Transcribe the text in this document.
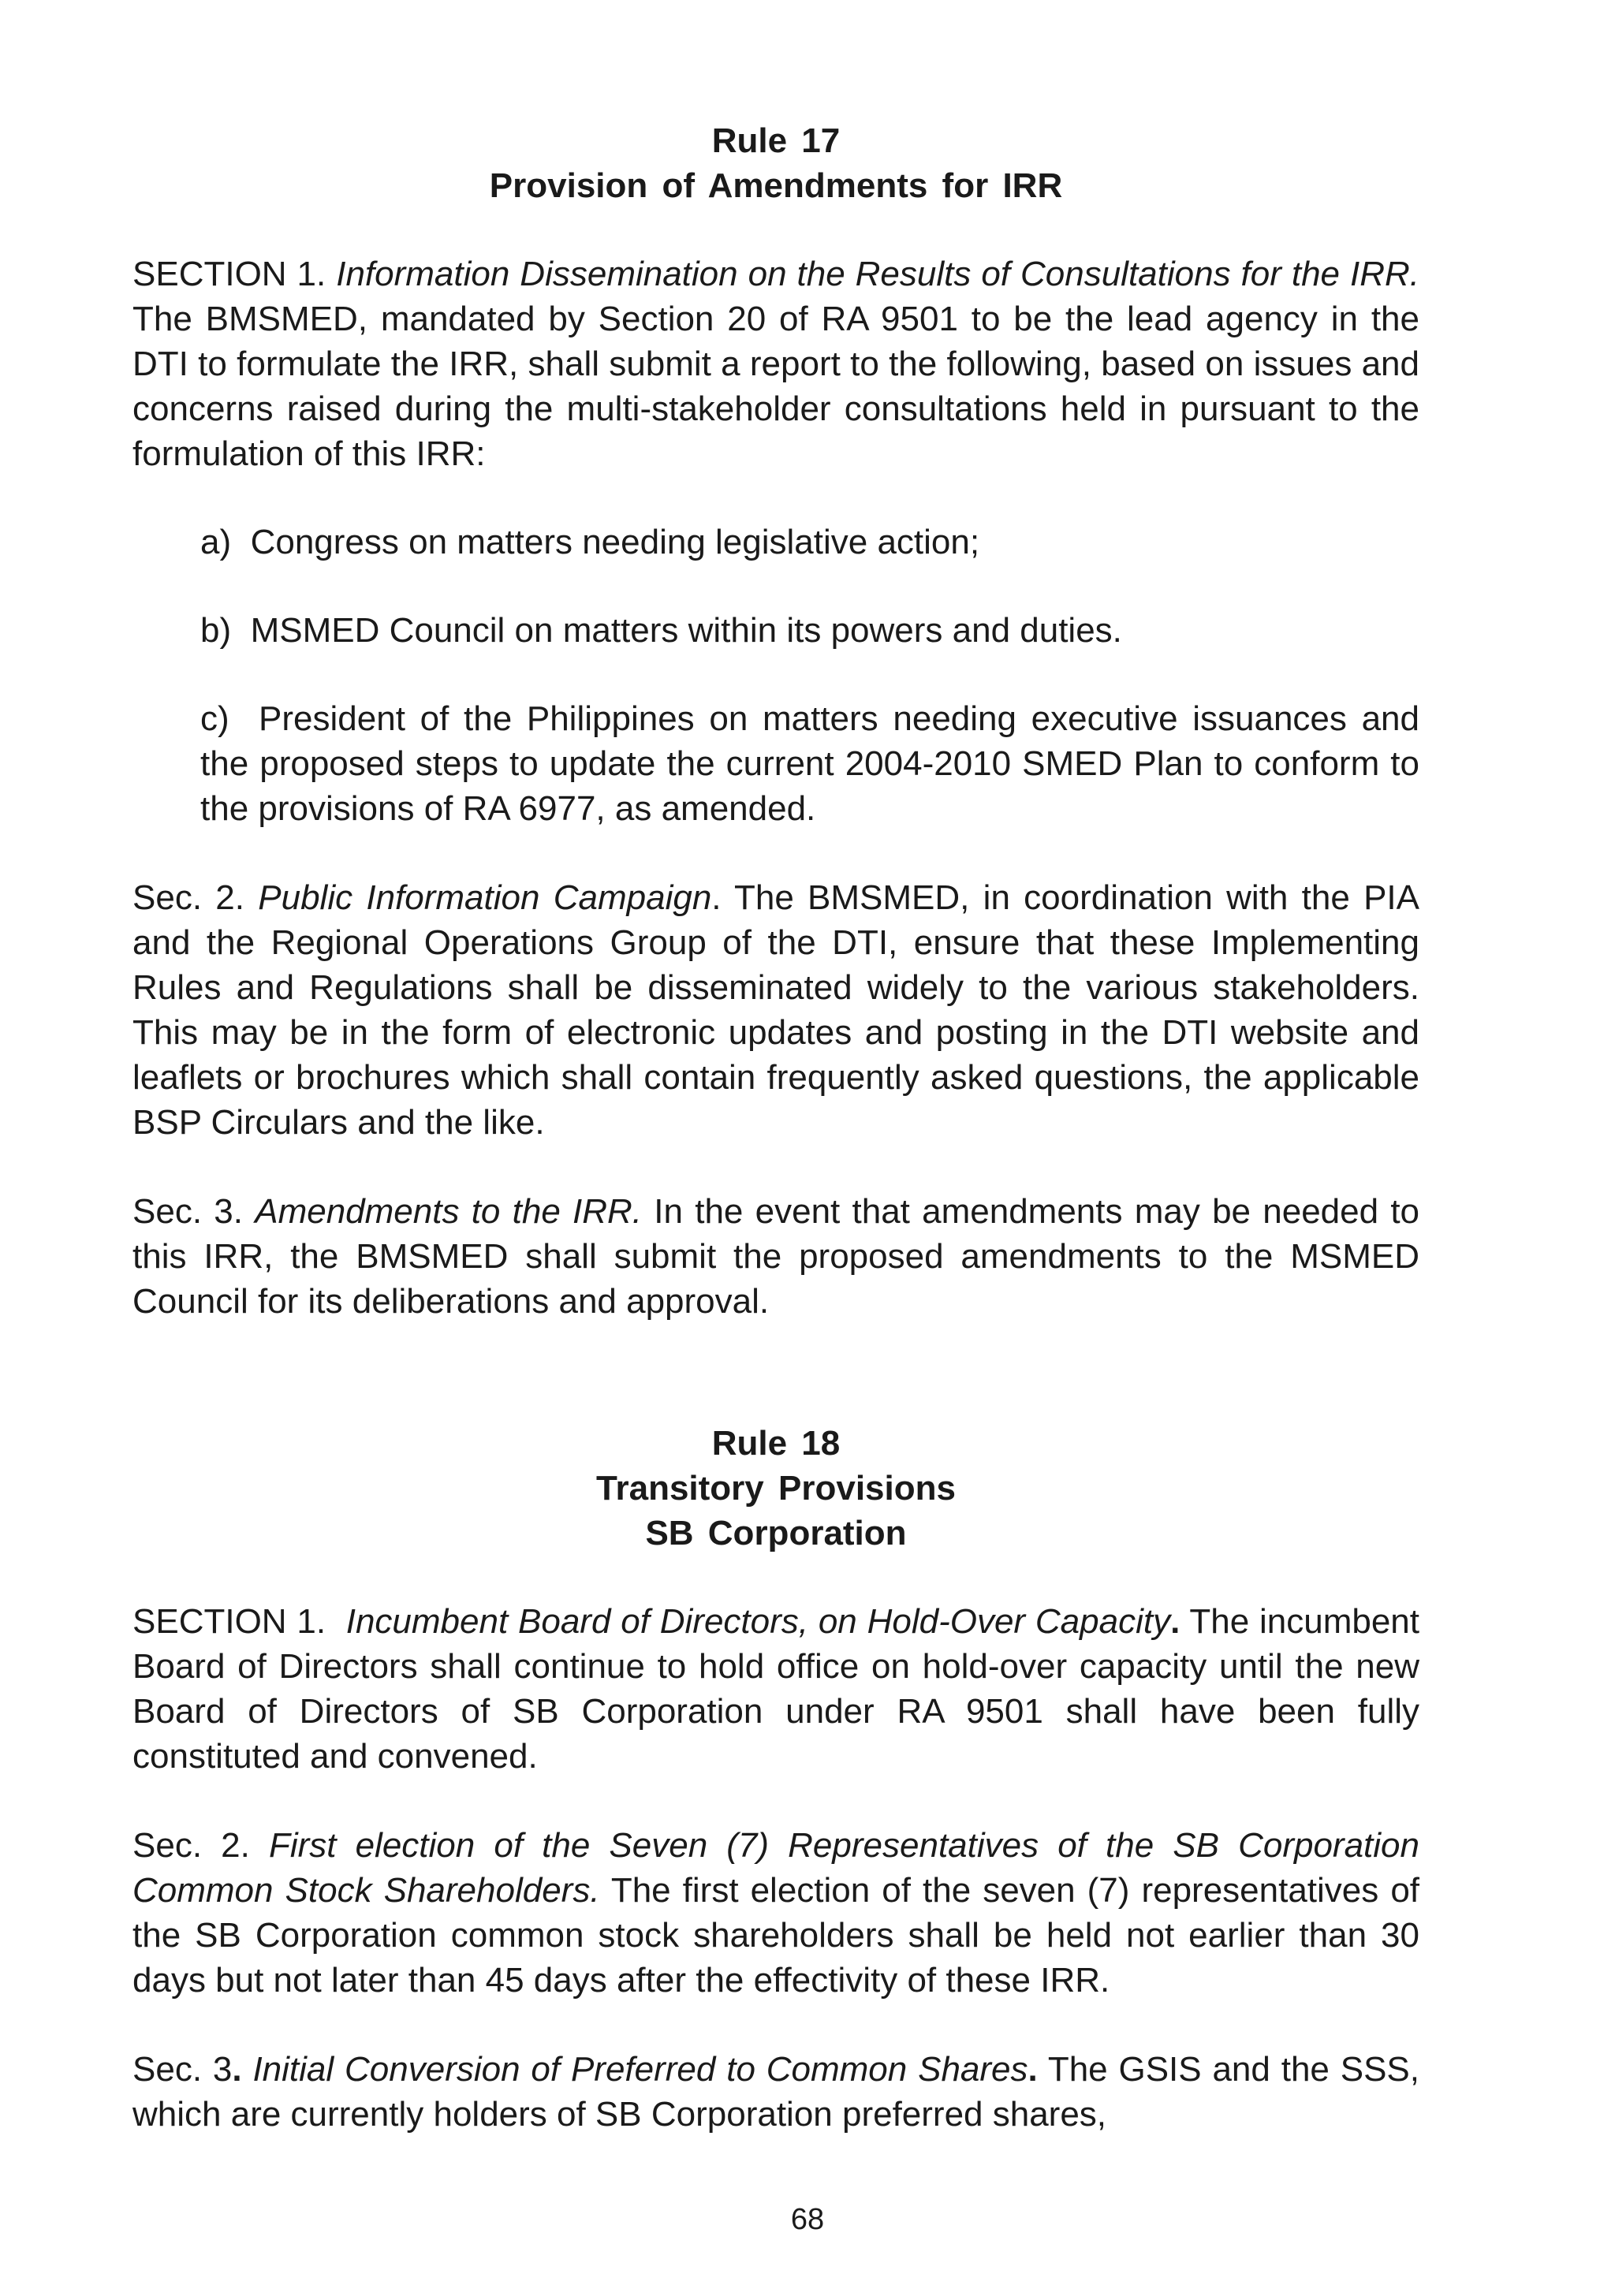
Rule 17
Provision of Amendments for IRR

SECTION 1. Information Dissemination on the Results of Consultations for the IRR. The BMSMED, mandated by Section 20 of RA 9501 to be the lead agency in the DTI to formulate the IRR, shall submit a report to the following, based on issues and concerns raised during the multi-stakeholder consultations held in pursuant to the formulation of this IRR:

a) Congress on matters needing legislative action;

b) MSMED Council on matters within its powers and duties.

c) President of the Philippines on matters needing executive issuances and the proposed steps to update the current 2004-2010 SMED Plan to conform to the provisions of RA 6977, as amended.

Sec. 2. Public Information Campaign. The BMSMED, in coordination with the PIA and the Regional Operations Group of the DTI, ensure that these Implementing Rules and Regulations shall be disseminated widely to the various stakeholders. This may be in the form of electronic updates and posting in the DTI website and leaflets or brochures which shall contain frequently asked questions, the applicable BSP Circulars and the like.

Sec. 3. Amendments to the IRR. In the event that amendments may be needed to this IRR, the BMSMED shall submit the proposed amendments to the MSMED Council for its deliberations and approval.

Rule 18
Transitory Provisions
SB Corporation

SECTION 1. Incumbent Board of Directors, on Hold-Over Capacity. The incumbent Board of Directors shall continue to hold office on hold-over capacity until the new Board of Directors of SB Corporation under RA 9501 shall have been fully constituted and convened.

Sec. 2. First election of the Seven (7) Representatives of the SB Corporation Common Stock Shareholders. The first election of the seven (7) representatives of the SB Corporation common stock shareholders shall be held not earlier than 30 days but not later than 45 days after the effectivity of these IRR.

Sec. 3. Initial Conversion of Preferred to Common Shares. The GSIS and the SSS, which are currently holders of SB Corporation preferred shares,

68
